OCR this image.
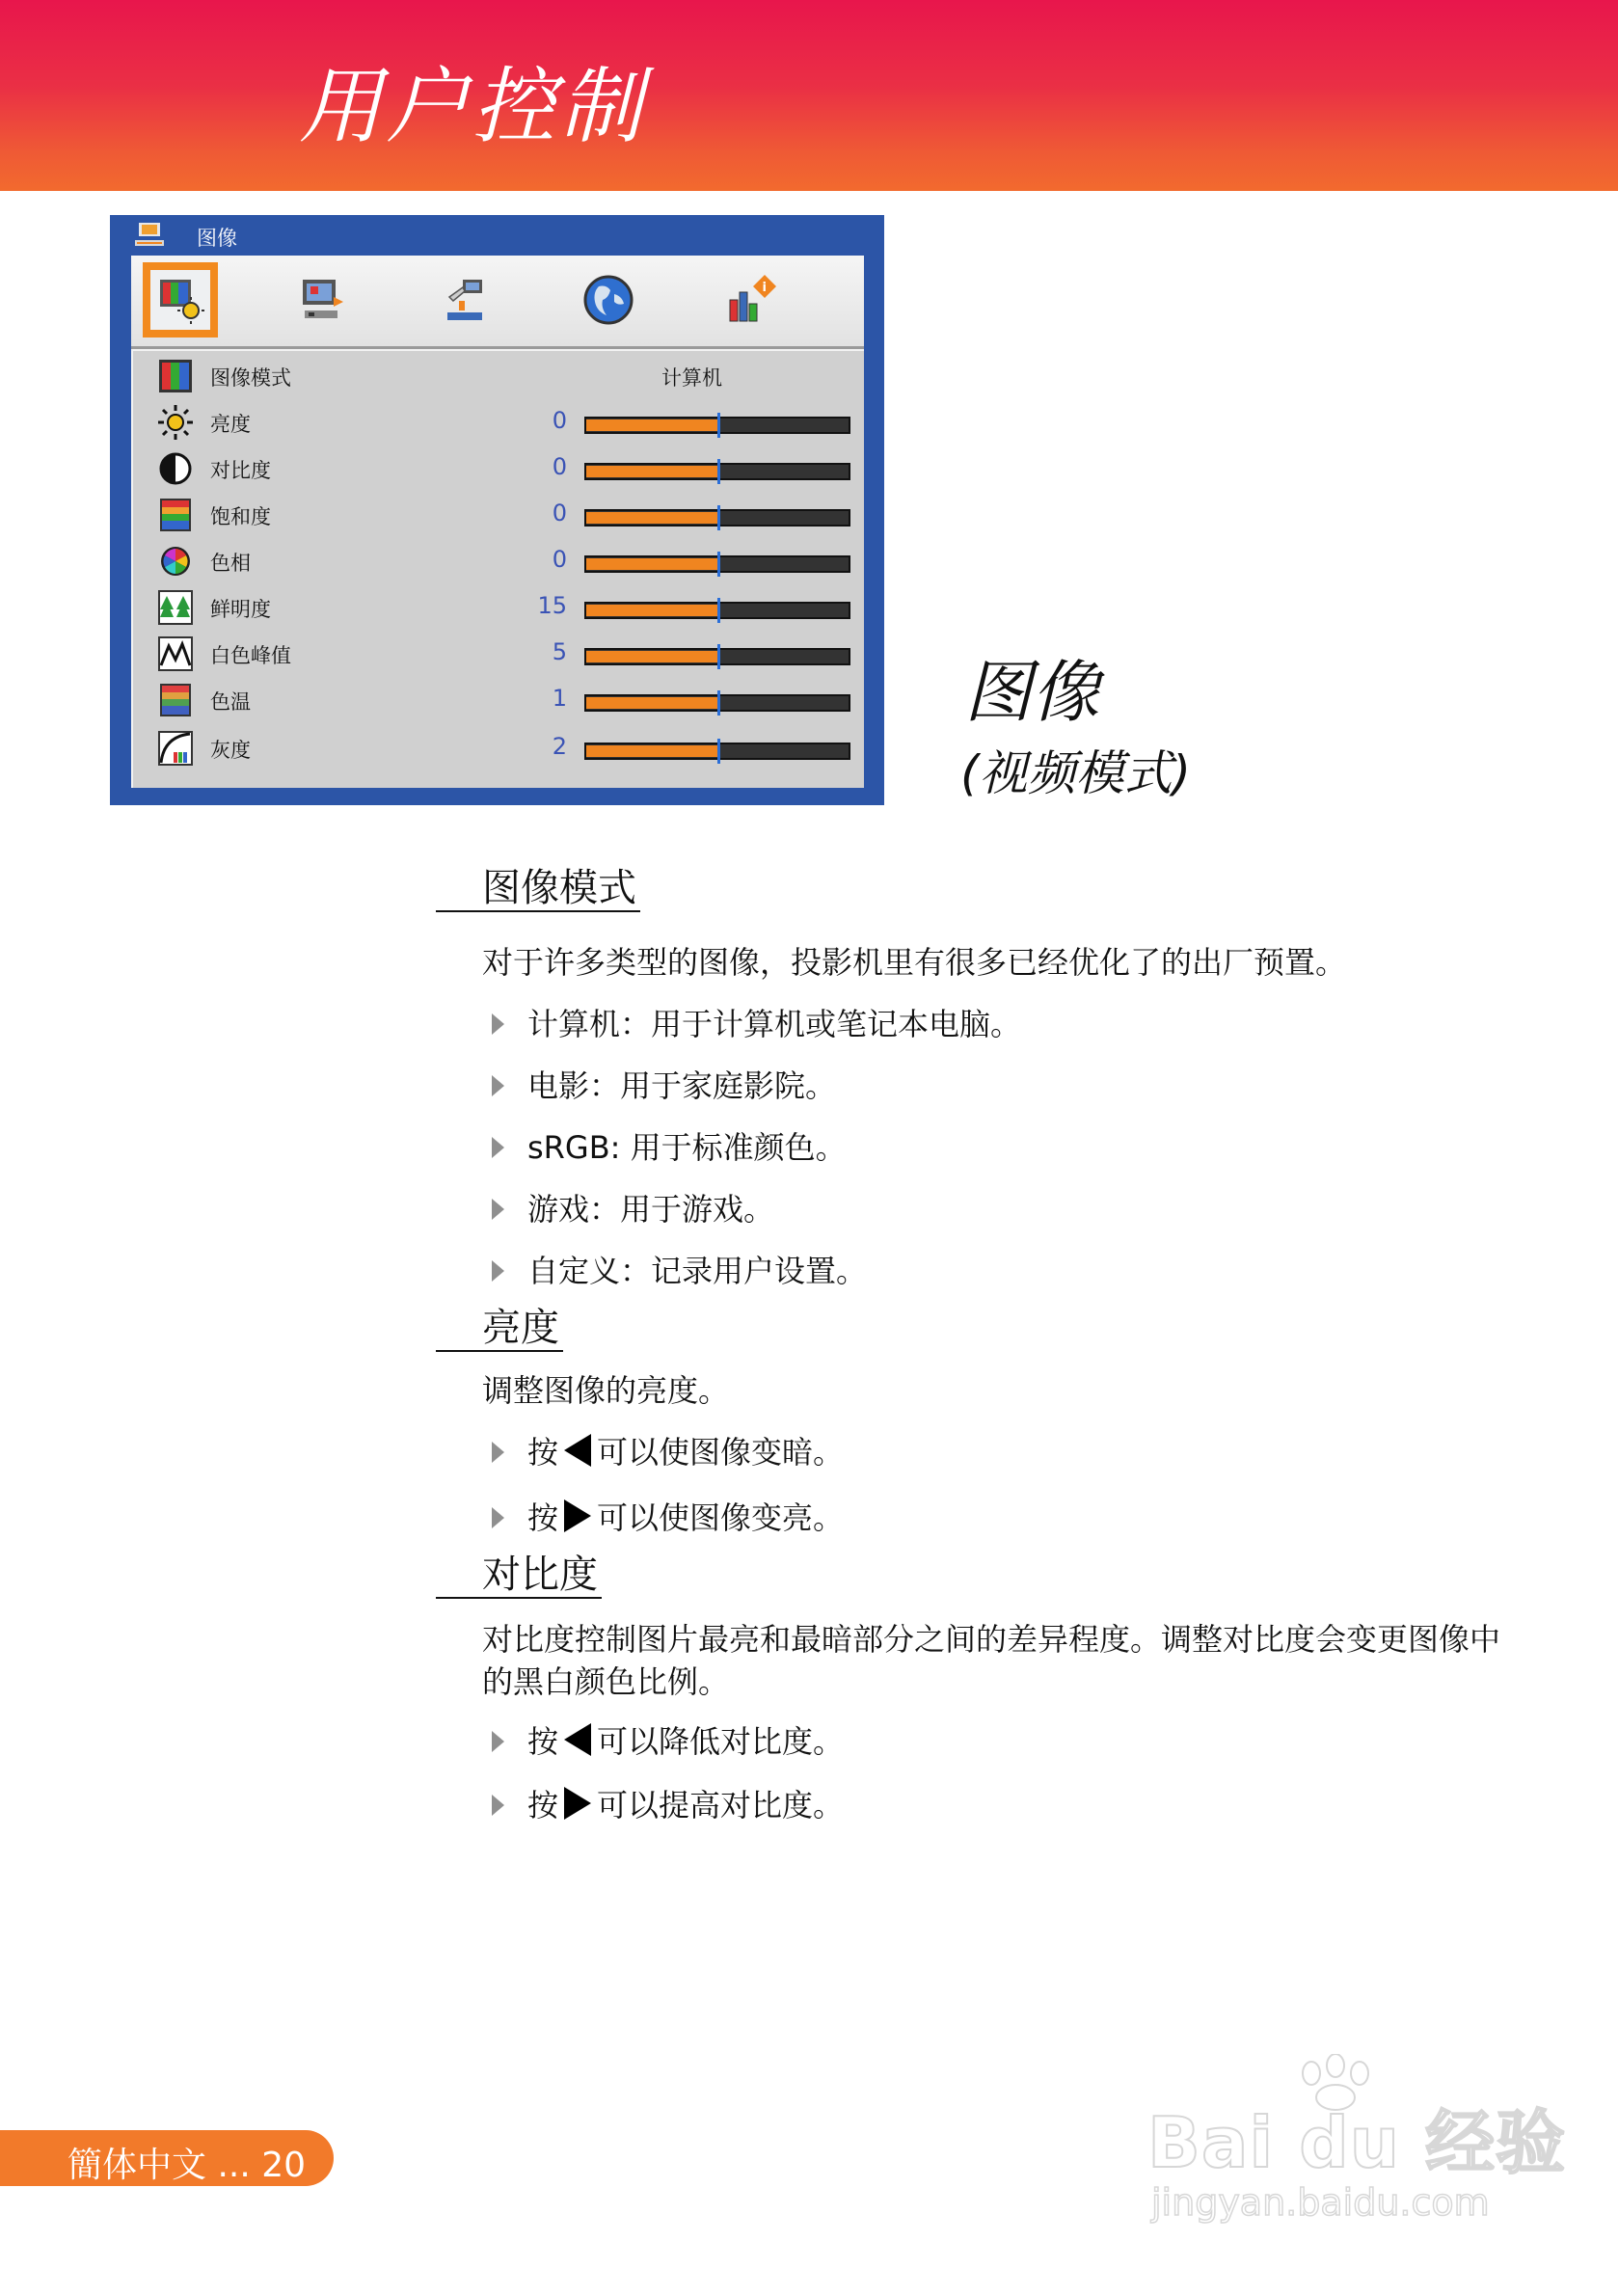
用户控制
图像
i
图像模式	计算机
亮度	0
对比度	0
饱和度	0
色相	0
鲜明度	15
白色峰值	5
色温	1
灰度	2
图像
(视频模式)
图像模式
对于许多类型的图像，投影机里有很多已经优化了的出厂预置。
计算机：用于计算机或笔记本电脑。
电影：用于家庭影院。
sRGB: 用于标准颜色。
游戏：用于游戏。
自定义：记录用户设置。
亮度
调整图像的亮度。
按 可以使图像变暗。
按 可以使图像变亮。
对比度
对比度控制图片最亮和最暗部分之间的差异程度。调整对比度会变更图像中的黑白颜色比例。
按 可以降低对比度。
按 可以提高对比度。
簡体中文 ... 20	Bai du 经验
jingyan.baidu.com
